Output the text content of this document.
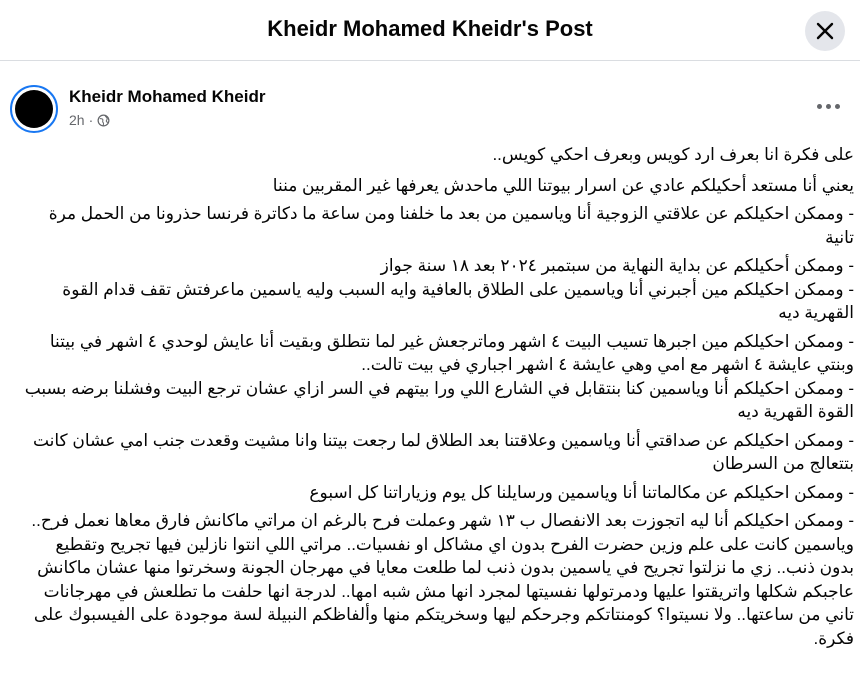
Kheidr Mohamed Kheidr's Post
Kheidr Mohamed Kheidr
2h ·

على فكرة انا بعرف ارد كويس وبعرف احكي كويس..

يعني أنا مستعد أحكيلكم عادي عن اسرار بيوتنا اللي ماحدش يعرفها غير المقربين مننا

- وممكن احكيلكم عن علاقتي الزوجية أنا وياسمين من بعد ما خلفنا ومن ساعة ما دكاترة فرنسا حذرونا من الحمل مرة تانية

- وممكن أحكيلكم عن بداية النهاية من سبتمبر ٢٠٢٤ بعد ١٨ سنة جواز

- وممكن احكيلكم مين أجبرني أنا وياسمين على الطلاق بالعافية وايه السبب وليه ياسمين ماعرفتش تقف قدام القوة القهرية ديه

- وممكن احكيلكم مين اجبرها تسيب البيت ٤ اشهر وماترجعش غير لما نتطلق وبقيت أنا عايش لوحدي ٤ اشهر في بيتنا وبنتي عايشة ٤ اشهر مع امي وهي عايشة ٤ اشهر اجباري في بيت تالت..

- وممكن احكيلكم أنا وياسمين كنا بنتقابل في الشارع اللي ورا بيتهم في السر ازاي عشان ترجع البيت وفشلنا برضه بسبب القوة القهرية ديه

- وممكن احكيلكم عن صداقتي أنا وياسمين وعلاقتنا بعد الطلاق لما رجعت بيتنا وانا مشيت وقعدت جنب امي عشان كانت بتتعالج من السرطان

- وممكن احكيلكم عن مكالماتنا أنا وياسمين ورسايلنا كل يوم وزياراتنا كل اسبوع

- وممكن احكيلكم أنا ليه اتجوزت بعد الانفصال ب ١٣ شهر وعملت فرح بالرغم ان مراتي ماكانش فارق معاها نعمل فرح.. وياسمين كانت على علم وزين حضرت الفرح بدون اي مشاكل او نفسيات.. مراتي اللي انتوا نازلين فيها تجريح وتقطيع بدون ذنب.. زي ما نزلتوا تجريح في ياسمين بدون ذنب لما طلعت معايا في مهرجان الجونة وسخرتوا منها عشان ماكانش عاجبكم شكلها واتريقتوا عليها ودمرتولها نفسيتها لمجرد انها مش شبه امها.. لدرجة انها حلفت ما تطلعش في مهرجانات تاني من ساعتها.. ولا نسيتوا؟ كومنتاتكم وجرحكم ليها وسخريتكم منها وألفاظكم النبيلة لسة موجودة على الفيسبوك على فكرة.
